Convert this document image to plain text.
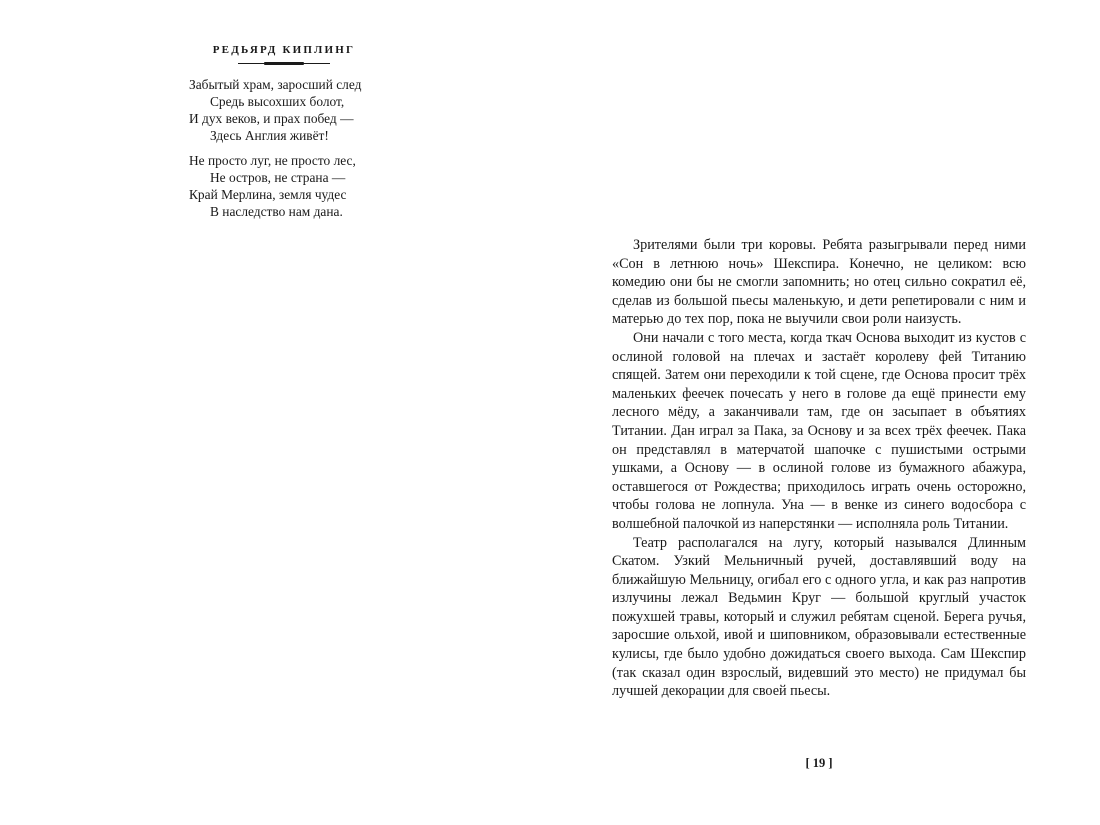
РЕДЬЯРД КИПЛИНГ
Забытый храм, заросший след
Средь высохших болот,
И дух веков, и прах побед —
Здесь Англия живёт!
Не просто луг, не просто лес,
Не остров, не страна —
Край Мерлина, земля чудес
В наследство нам дана.

Зрителями были три коровы. Ребята разыгрывали перед ними «Сон в летнюю ночь» Шекспира. Конечно, не целиком: всю комедию они бы не смогли запомнить; но отец сильно сократил её, сделав из большой пьесы маленькую, и дети репетировали с ним и матерью до тех пор, пока не выучили свои роли наизусть.

Они начали с того места, когда ткач Основа выходит из кустов с ослиной головой на плечах и застаёт королеву фей Титанию спящей. Затем они переходили к той сцене, где Основа просит трёх маленьких феечек почесать у него в голове да ещё принести ему лесного мёду, а заканчивали там, где он засыпает в объятиях Титании. Дан играл за Пака, за Основу и за всех трёх феечек. Пака он представлял в матерчатой шапочке с пушистыми острыми ушками, а Основу — в ослиной голове из бумажного абажура, оставшегося от Рождества; приходилось играть очень осторожно, чтобы голова не лопнула. Уна — в венке из синего водосбора с волшебной палочкой из наперстянки — исполняла роль Титании.

Театр располагался на лугу, который назывался Длинным Скатом. Узкий Мельничный ручей, доставлявший воду на ближайшую Мельницу, огибал его с одного угла, и как раз напротив излучины лежал Ведьмин Круг — большой круглый участок пожухшей травы, который и служил ребятам сценой. Берега ручья, заросшие ольхой, ивой и шиповником, образовывали естественные кулисы, где было удобно дожидаться своего выхода. Сам Шекспир (так сказал один взрослый, видевший это место) не придумал бы лучшей декорации для своей пьесы.

[ 19 ]
